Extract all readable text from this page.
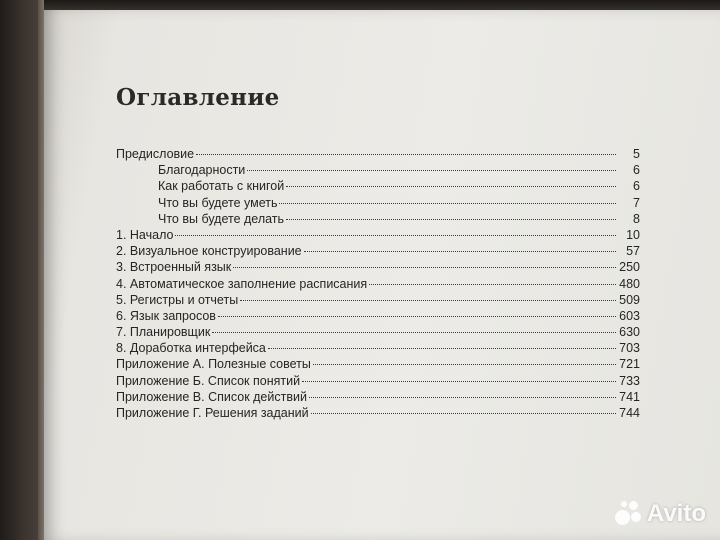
Оглавление
Предисловие	5
Благодарности	6
Как работать с книгой	6
Что вы будете уметь	7
Что вы будете делать	8
1. Начало	10
2. Визуальное конструирование	57
3. Встроенный язык	250
4. Автоматическое заполнение расписания	480
5. Регистры и отчеты	509
6. Язык запросов	603
7. Планировщик	630
8. Доработка интерфейса	703
Приложение А. Полезные советы	721
Приложение Б. Список понятий	733
Приложение В. Список действий	741
Приложение Г. Решения заданий	744
Avito
